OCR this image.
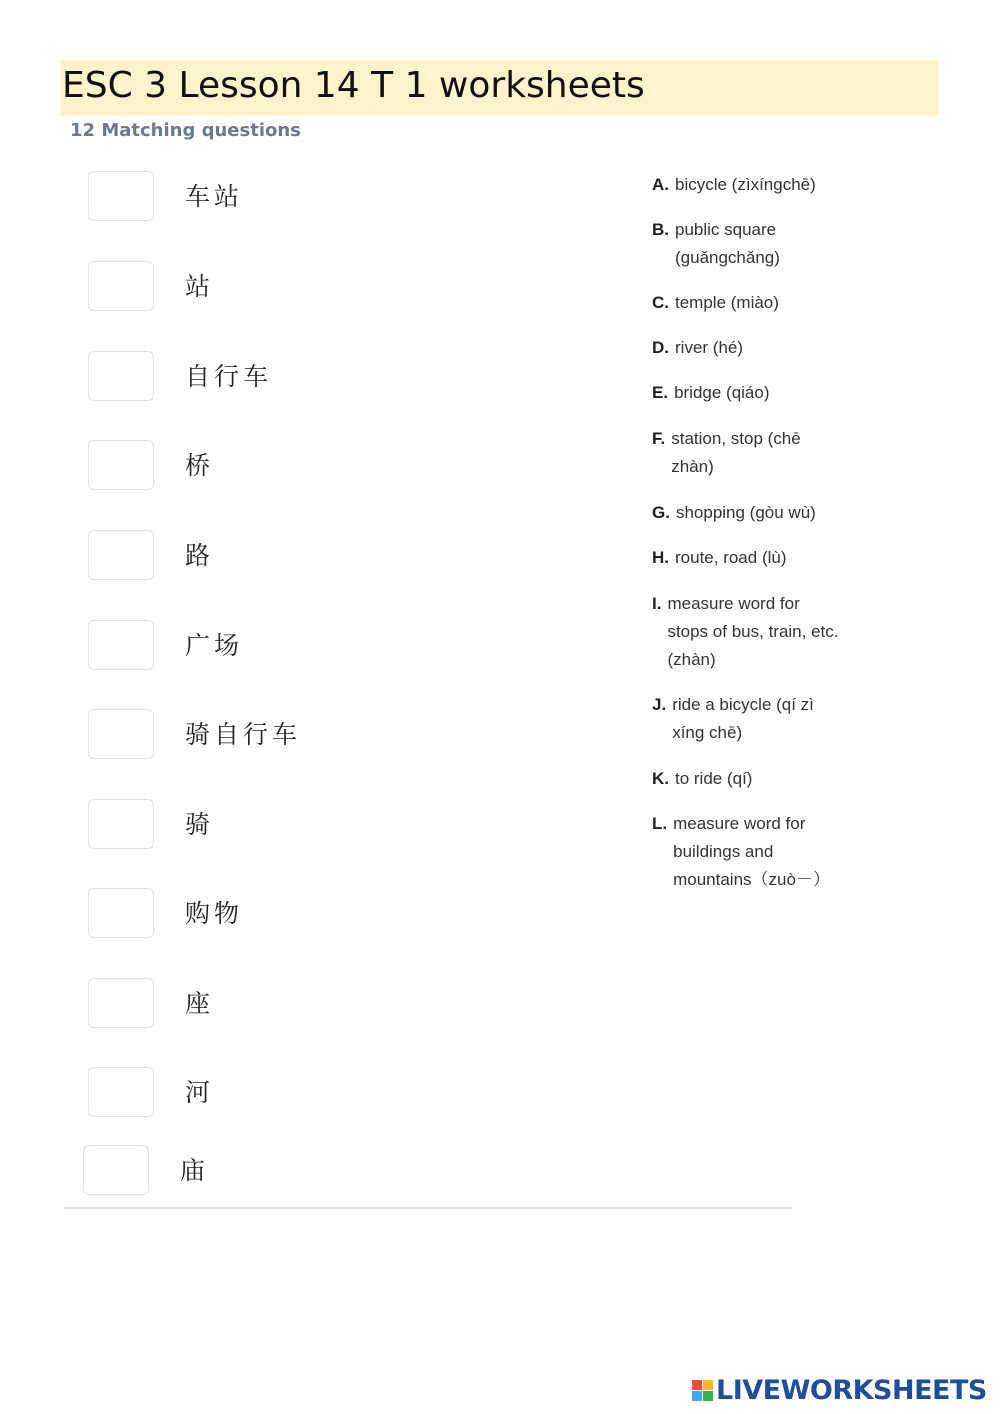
ESC 3 Lesson 14 T 1 worksheets
12 Matching questions
车站
站
自行车
桥
路
广场
骑自行车
骑
购物
座
河
庙
A. bicycle (zìxíngchē)
B. public square (guǎngchǎng)
C. temple (miào)
D. river (hé)
E. bridge (qiáo)
F. station, stop (chē zhàn)
G. shopping (gòu wù)
H. route, road (lù)
I. measure word for stops of bus, train, etc.(zhàn)
J. ride a bicycle (qí zì xíng chē)
K. to ride (qí)
L. measure word for buildings and mountains（zuò－）
LIVEWORKSHEETS
